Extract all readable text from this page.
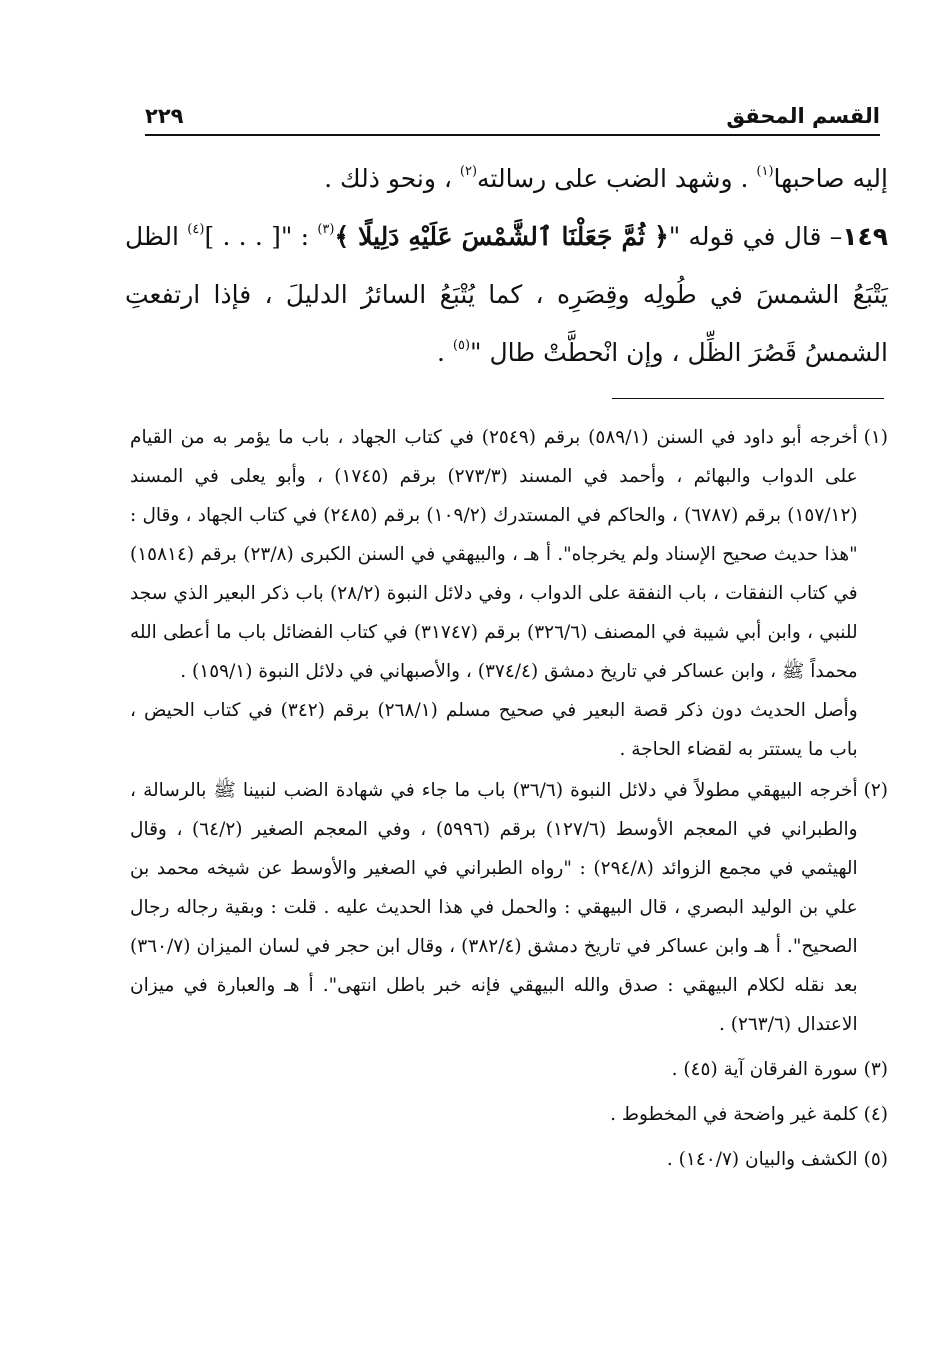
القسم المحقق
٢٢٩

إليه صاحبها$^{(١)}$ . وشهد الضب على رسالته$^{(٢)}$ ، ونحو ذلك .

١٤٩– قال في قوله "﴿ ثُمَّ جَعَلْنَا ٱلشَّمْسَ عَلَيْهِ دَلِيلًا ﴾$^{(٣)}$ : "[ . . . ]$^{(٤)}$ الظل يَتْبَعُ الشمسَ في طُولِه وقِصَرِه ، كما يُتْبَعُ السائرُ الدليلَ ، فإذا ارتفعتِ الشمسُ قَصُرَ الظِّل ، وإن انْحطَّتْ طال "$^{(٥)}$ .

(١)
أخرجه أبو داود في السنن (٥٨٩/١) برقم (٢٥٤٩) في كتاب الجهاد ، باب ما يؤمر به من القيام على الدواب والبهائم ، وأحمد في المسند (٢٧٣/٣) برقم (١٧٤٥) ، وأبو يعلى في المسند (١٥٧/١٢) برقم (٦٧٨٧) ، والحاكم في المستدرك (١٠٩/٢) برقم (٢٤٨٥) في كتاب الجهاد ، وقال : "هذا حديث صحيح الإسناد ولم يخرجاه". أ هـ ، والبيهقي في السنن الكبرى (٢٣/٨) برقم (١٥٨١٤) في كتاب النفقات ، باب النفقة على الدواب ، وفي دلائل النبوة (٢٨/٢) باب ذكر البعير الذي سجد للنبي ، وابن أبي شيبة في المصنف (٣٢٦/٦) برقم (٣١٧٤٧) في كتاب الفضائل باب ما أعطى الله محمداً ﷺ ، وابن عساكر في تاريخ دمشق (٣٧٤/٤) ، والأصبهاني في دلائل النبوة (١٥٩/١) .
وأصل الحديث دون ذكر قصة البعير في صحيح مسلم (٢٦٨/١) برقم (٣٤٢) في كتاب الحيض ، باب ما يستتر به لقضاء الحاجة .
(٢)
أخرجه البيهقي مطولاً في دلائل النبوة (٣٦/٦) باب ما جاء في شهادة الضب لنبينا ﷺ بالرسالة ، والطبراني في المعجم الأوسط (١٢٧/٦) برقم (٥٩٩٦) ، وفي المعجم الصغير (٦٤/٢) ، وقال الهيثمي في مجمع الزوائد (٢٩٤/٨) : "رواه الطبراني في الصغير والأوسط عن شيخه محمد بن علي بن الوليد البصري ، قال البيهقي : والحمل في هذا الحديث عليه . قلت : وبقية رجاله رجال الصحيح". أ هـ وابن عساكر في تاريخ دمشق (٣٨٢/٤) ، وقال ابن حجر في لسان الميزان (٣٦٠/٧) بعد نقله لكلام البيهقي : صدق والله البيهقي فإنه خبر باطل انتهى". أ هـ والعبارة في ميزان الاعتدال (٢٦٣/٦) .
(٣)
سورة الفرقان آية (٤٥) .
(٤)
كلمة غير واضحة في المخطوط .
(٥)
الكشف والبيان (١٤٠/٧) .
